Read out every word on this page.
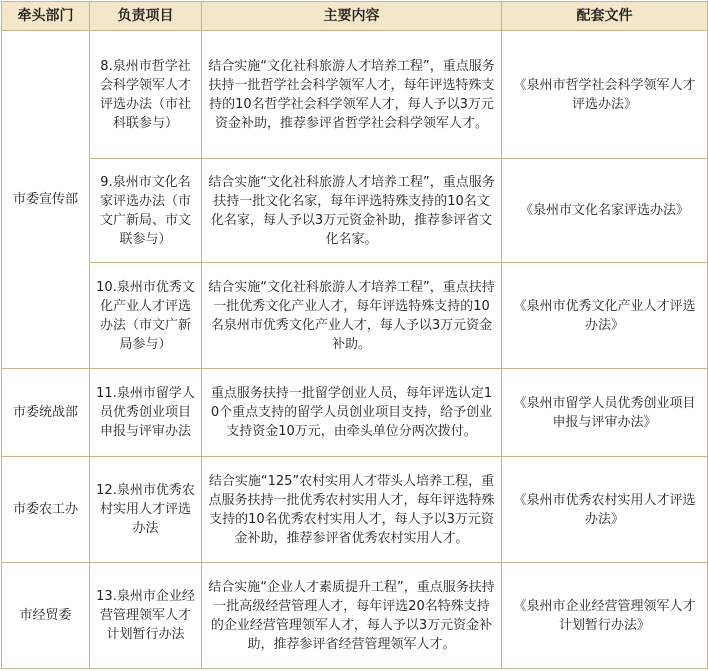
牵头部门	负责项目	主要内容	配套文件
市委宣传部	8.泉州市哲学社会科学领军人才评选办法（市社科联参与）	结合实施“文化社科旅游人才培养工程”，重点服务扶持一批哲学社会科学领军人才，每年评选特殊支持的10名哲学社会科学领军人才，每人予以3万元资金补助，推荐参评省哲学社会科学领军人才。	《泉州市哲学社会科学领军人才评选办法》
	9.泉州市文化名家评选办法（市文广新局、市文联参与）	结合实施“文化社科旅游人才培养工程”，重点服务扶持一批文化名家，每年评选特殊支持的10名文化名家，每人予以3万元资金补助，推荐参评省文化名家。	《泉州市文化名家评选办法》
	10.泉州市优秀文化产业人才评选办法（市文广新局参与）	结合实施“文化社科旅游人才培养工程”，重点扶持一批优秀文化产业人才，每年评选特殊支持的10名泉州市优秀文化产业人才，每人予以3万元资金补助。	《泉州市优秀文化产业人才评选办法》
市委统战部	11.泉州市留学人员优秀创业项目申报与评审办法	重点服务扶持一批留学创业人员，每年评选认定10个重点支持的留学人员创业项目支持，给予创业支持资金10万元，由牵头单位分两次拨付。	《泉州市留学人员优秀创业项目申报与评审办法》
市委农工办	12.泉州市优秀农村实用人才评选办法	结合实施“125”农村实用人才带头人培养工程，重点服务扶持一批优秀农村实用人才，每年评选特殊支持的10名优秀农村实用人才，每人予以3万元资金补助，推荐参评省优秀农村实用人才。	《泉州市优秀农村实用人才评选办法》
市经贸委	13.泉州市企业经营管理领军人才计划暂行办法	结合实施“企业人才素质提升工程”，重点服务扶持一批高级经营管理人才，每年评选20名特殊支持的企业经营管理领军人才，每人予以3万元资金补助，推荐参评省经营管理领军人才。	《泉州市企业经营管理领军人才计划暂行办法》
